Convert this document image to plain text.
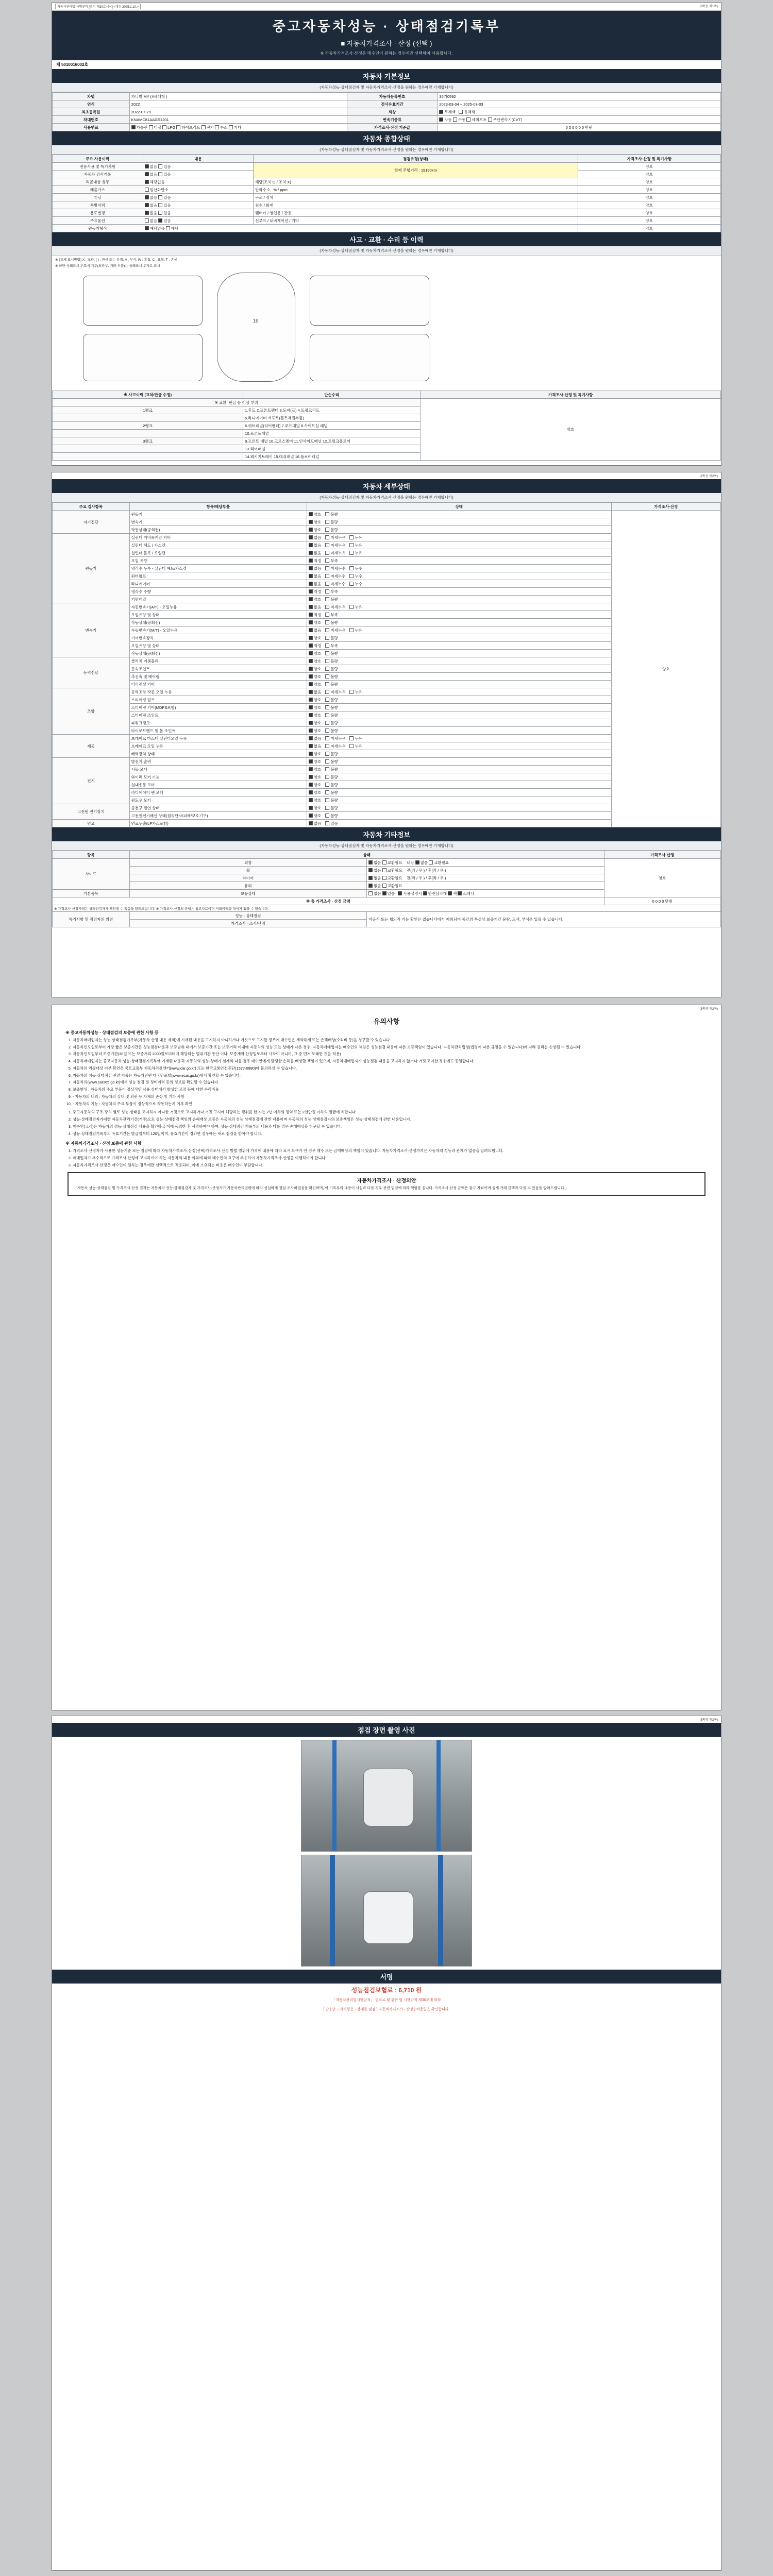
자동차관리법 시행규칙 [별지 제30호서식] <개정 2025.1.10.>	(3쪽중 제1쪽)
중고자동차성능 · 상태점검기록부
■ 자동차가격조사 · 산정 (선택 )
※ 자동차가격조사·산정은 매수인이 원하는 경우에만 선택하여 사용합니다.
제 5010016002호
자동차 기본정보
(자동차성능·상태점검자 및 자동차가격조사·산정을 원하는 경우에만 기재합니다)
차명	카니발 MY (4세대형 )	자동차등록번호	35기0592
연식	2022	검사유효기간	2023-03-04 ~ 2025-03-03
최초등록일	2022-07-29	색상	무채색 유채색
차대번호	KNAMC81AAGS1201	변속기종류	자동 수동 세미오토 무단변속기(CVT)
사용연료	가솔린 디젤 LPG 하이브리드 전기 수소 기타	가격조사·산정 기준값	0 0 0 0 0 0 만원
자동차 종합상태
(자동차성능·상태점검자 및 자동차가격조사·산정을 원하는 경우에만 기재합니다)
주요 사용이력	내용	점검유형(상태)	가격조사·산정 및 특기사항
전용사용 및 특기사항	없음 있음	현재 주행거리 : 19190km	양호
자동차 검사기록	없음 있음		양호
리콜대상 유무	해당없음	해당(조치 O / 조치 X)	양호
배출가스	일산화탄소	탄화수소 % / ppm	양호
튜닝	없음 있음	구조 / 장치	양호
특별이력	없음 있음	침수 / 화재	양호
용도변경	없음 있음	렌터카 / 영업용 / 관용	양호
주요옵션	없음 있음	선루프 / 내비게이션 / 기타	양호
원동기형식	해당없음 해당		양호
사고 · 교환 · 수리 등 이력
(자동차성능·상태점검자 및 자동차가격조사·산정을 원하는 경우에만 기재합니다)
※ (교체 표시방법) X : 교환, ( ) : 판금 또는 용접, A : 부식, W : 흠집, C : 요철, T : 손상
※ 하단 상태표시 부호에 기준(외판부, 기타 부품)는 상태표시 문자로 표시
16
※ 사고이력 (교차/판금 수정)	단순수리	가격조사·산정 및 특기사항
※ 교환, 판금 등 이상 부위		양호
1랭크	1.후드 2.프론트펜더 3.도어(프) 4.트렁크리드	
	5.라디에이터 서포트(볼트체결부품)	
2랭크	6.쿼터패널(리어펜더) 7.루프패널 8.사이드실 패널	
	10.프론트패널	
3랭크	9.프론트 패널 10.크로스멤버 11.인사이드패널 12.트렁크플로어	
	13.리어패널	
	14.패키지트레이 15.대쉬패널 16.플로어패널	
(3쪽중 제2쪽)
자동차 세부상태
(자동차성능·상태점검자 및 자동차가격조사·산정을 원하는 경우에만 기재합니다)
주요 검사항목	항목/해당부품	상태	가격조사·산정
자기진단	원동기	양호 불량	양호
	변속기	양호 불량	
	작동상태(공회전)	양호 불량	
원동기	실린더 커버록커암 커버	없음 미세누유 누유	
	실린더 헤드 / 가스켓	없음 미세누유 누유	
	실린더 블록 / 오일팬	없음 미세누유 누유	
	오일 유량	적정 부족	
	냉각수 누수 - 실린더 헤드/가스켓	없음 미세누수 누수	
	워터펌프	없음 미세누수 누수	
	라디에이터	없음 미세누수 누수	
	냉각수 수량	적정 부족	
	커먼레일	양호 불량	
변속기	자동변속기(A/T) - 오일누유	없음 미세누유 누유	
	오일유량 및 상태	적정 부족	
	작동상태(공회전)	양호 불량	
	수동변속기(M/T) - 오일누유	없음 미세누유 누유	
	기어변속장치	양호 불량	
	오일유량 및 상태	적정 부족	
	작동상태(공회전)	양호 불량	
동력전달	클러치 어셈블리	양호 불량	
	등속조인트	양호 불량	
	추진축 및 베어링	양호 불량	
	디퍼렌셜 기어	양호 불량	
조향	동력조향 작동 오일 누유	없음 미세누유 누유	
	스티어링 펌프	양호 불량	
	스티어링 기어(MDPS포함)	양호 불량	
	스티어링 조인트	양호 불량	
	파워크랭크	양호 불량	
	타이로드엔드 및 볼 조인트	양호 불량	
제동	브레이크 마스터 실린더오일 누유	없음 미세누유 누유	
	브레이크 오일 누유	없음 미세누유 누유	
	배력장치 상태	양호 불량	
전기	발전기 출력	양호 불량	
	시동 모터	양호 불량	
	와이퍼 모터 기능	양호 불량	
	실내송풍 모터	양호 불량	
	라디에이터 팬 모터	양호 불량	
	윈도우 모터	양호 불량	
고전원 전기장치	충전구 절연 상태	양호 불량	
	고전원전기배선 상태(접속단자/피복/보호기구)	양호 불량	
연료	연료누출(LP가스포함)	없음 있음	
자동차 기타정보
(자동차성능·상태점검자 및 자동차가격조사·산정을 원하는 경우에만 기재합니다)
항목	상태		가격조사·산정
사이드	외장	없음 교환필요 내장 없음 교환필요	양호
	휠	없음 교환필요 전(좌 / 우 ) / 후(좌 / 우 )	
	타이어	없음 교환필요 전(좌 / 우 ) / 후(좌 / 우 )	
	유리	없음 교환필요	
기본품목	보유상태	없음 있음 사용설명서 안전삼각대 잭 스패너	
※ 총 가격조사 · 산정 금액			0 0 0 0 만원
※ 가격조사·산정가격은 상태점검자가 책임질 수 없음을 알려드립니다. ※ 가격조사·산정의 금액은 참고자료이며 거래금액과 차이가 있을 수 있습니다.			
특기사항 및 점검자의 의견	성능 · 상태점검	비공식 또는 협의적 기능 확인은 없습니다에서 제외되며 중간의 특성상 보증기간 문량, 도색, 부식은 있을 수 있습니다.	
	가격조사 · 조사/산정		
(3쪽중 제3쪽)
유의사항
※ 중고자동차성능 · 상태점검의 보증에 관한 사항 등
1. 자동차매매업자는 성능·상태점검기록부(자동차 산정 내용 제외)에 기재된 내용을 고지하지 아니하거나 거짓으로 고지할 경우에 매수인은 계약해제 또는 손해배상(수리비 등)을 청구할 수 있습니다.
2. 자동차인도일로부터 가장 짧은 보증기간은 성능점검내용과 보증범위 내에서 보증기간 또는 보증거리 이내에 자동차의 성능 또는 상태가 다른 경우, 자동차매매업자는 매수인의 책임은 성능점검 내용에 따른 보증책임이 있습니다. 자동차관리법령(법령에 따른 규정을 수 있습니다)에 따라 권리는 손상될 수 있습니다.
3. 자동차인도일부터 보증기간(30일 또는 보증거리 2000킬로미터에 해당하는 범위기간 동안 이나, 보증계약 산정일로부터 시작이 아니며, 그 중 먼저 도래한 것을 적용)
4. 자동차매매업자는 중고자동차 성능·상태점검기록부에 기재된 내용과 자동차의 성능·상태가 실제와 다를 경우 매수인에게 발생한 손해를 배상할 책임이 있으며, 자동차매매업자가 성능점검 내용을 고지하지 않거나 거짓 고지한 경우에도 동일합니다.
5. 자동차의 리콜대상 여부 확인은 국토교통부 자동차리콜센터(www.car.go.kr) 또는 한국교통안전공단(1577-0990)에 문의하실 수 있습니다.
6. 자동차의 성능·상태점검 관련 기록은 자동차민원 대국민포털(www.ecar.go.kr)에서 확인할 수 있습니다.
7. 자동차의(www.car365.go.kr)에서 성능 점검 및 정비이력 등의 정보를 확인할 수 있습니다.
8. 보증범위 : 자동차의 주요 부품이 정상적인 사용 상태에서 발생한 고장 등에 대한 수리비용
9. - 자동차의 내외 : 자동차의 실내 및 외관 등 차체의 손상 및 기타 사항
10. - 자동차의 기능 : 자동차의 주요 부품이 정상적으로 작동하는지 여부 확인
1. 중고자동차의 구조·장치 별로 성능·상태를 고지하지 아니한 거짓으로 고지하거나 거짓 고지에 해당하는 행위를 한 자는 2년 이하의 징역 또는 2천만원 이하의 벌금에 처합니다.
2. 성능·상태점검자가대한 자동차관리기간(거주)으로 성능·상태점검 책임의 손해배상 보증은 자동차의 성능·상태점검에 관한 내용이며 자동차의 성능·상태점검자의 보증책임은 성능·상태점검에 관한 내용입니다.
3. 매수인(고객)은 자동차의 성능·상태점검 내용을 확인하고 이에 동의한 후 서명하여야 하며, 성능·상태점검 기록부의 내용과 다를 경우 손해배상을 청구할 수 있습니다.
4. 성능·상태점검기록부의 유효기간은 발급일부터 120일이며, 유효기간이 경과한 경우에는 새로 점검을 받아야 합니다.
※ 자동차가격조사 · 산정 보증에 관한 사항
1. 가격조사·산정자가 사용한 성능기준 또는 점검에 따라 자동차가격조사·산정(선택)가격조사·산정 방법 범위에 가격에 내용에 따라 표시 요구가 안 경우 매수 또는 금액배상의 책임이 있습니다. 자동차가격조사·산정가격은 자동차의 성능과 관계가 없음을 알려드립니다.
2. 매매업자가 부수적으로 가격조사·산정에 고지하여야 하는 자동차의 내용 이외에 따라 매수인의 요구에 부응하여 자동차가격조사·산정을 이행하여야 합니다.
3. 자동차가격조사·산정은 매수인이 원하는 경우에만 선택적으로 적용되며, 이에 소요되는 비용은 매수인이 부담합니다.
자동차가격조사 · 산정의안
「자동차 성능·상태점검 및 가격조사·산정 결과는 자동차의 성능·상태점검자 및 가격조사·산정자가 자동차관리법령에 따라 성실하게 점검·조사하였음을 확인하며, 이 기록부의 내용이 사실과 다를 경우 관련 법령에 따라 책임을 집니다. 가격조사·산정 금액은 참고 자료이며 실제 거래 금액과 다를 수 있음을 알려드립니다.」
(3쪽중 제3쪽)
점검 장면 촬영 사진
서명
성능점검보험료 : 6,710 원
「자동차관리법시행규칙」 별표로 및 같은 법 시행규칙 제30조에 따라
[ 단 ] 당 고객차량은 · 상태를 점검 ) 자동차가격조사 · 산정 ) 비용입은 확인합니다.
